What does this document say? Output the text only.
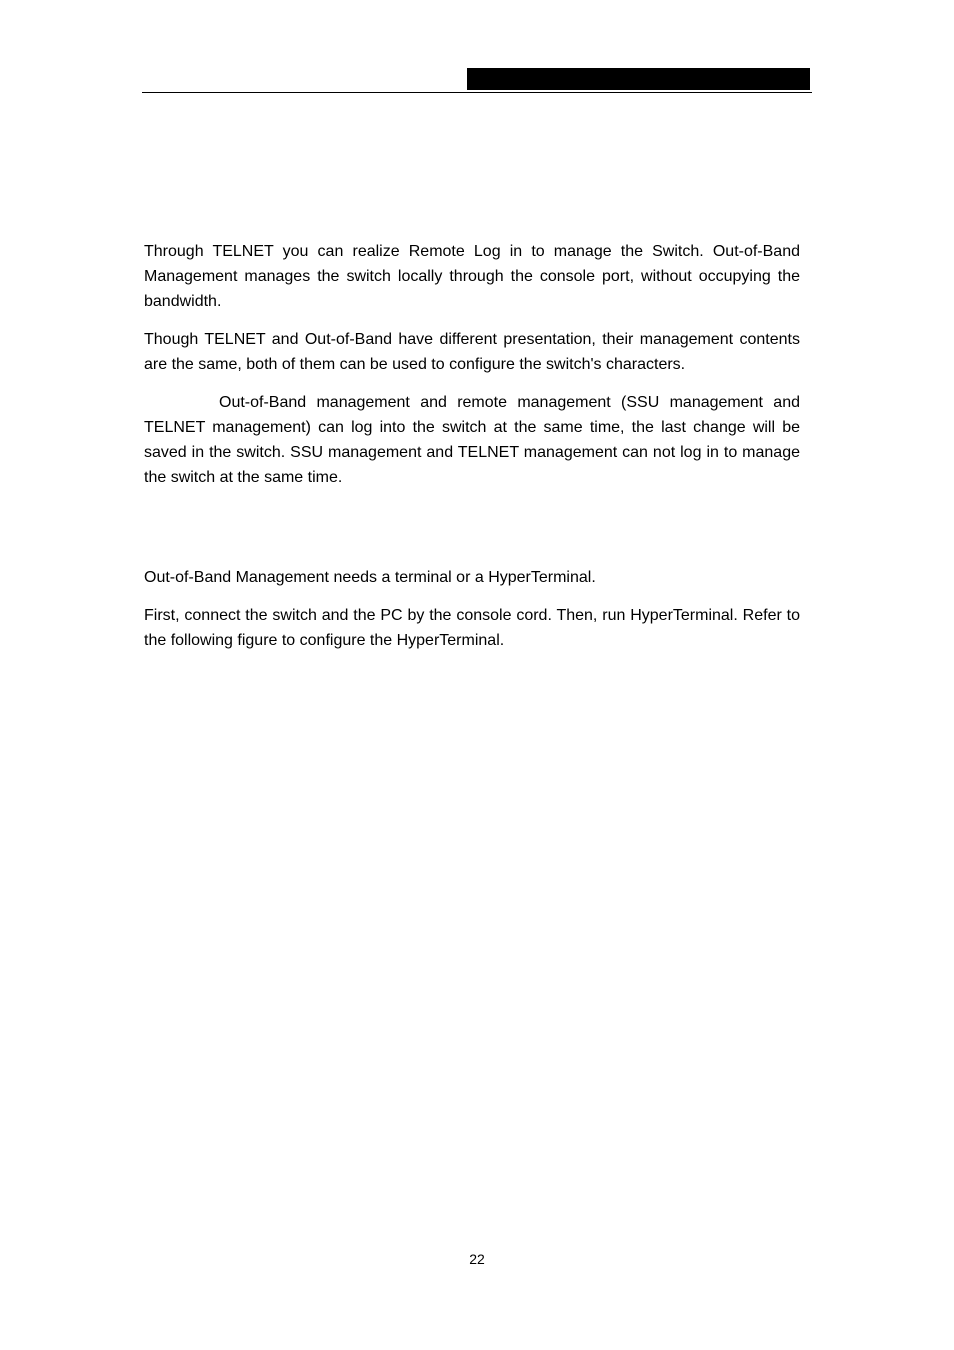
Through TELNET you can realize Remote Log in to manage the Switch. Out-of-Band Management manages the switch locally through the console port, without occupying the bandwidth.

Though TELNET and Out-of-Band have different presentation, their management contents are the same, both of them can be used to configure the switch's characters.

Out-of-Band management and remote management (SSU management and TELNET management) can log into the switch at the same time, the last change will be saved in the switch. SSU management and TELNET management can not log in to manage the switch at the same time.

Out-of-Band Management needs a terminal or a HyperTerminal.

First, connect the switch and the PC by the console cord. Then, run HyperTerminal. Refer to the following figure to configure the HyperTerminal.

22
